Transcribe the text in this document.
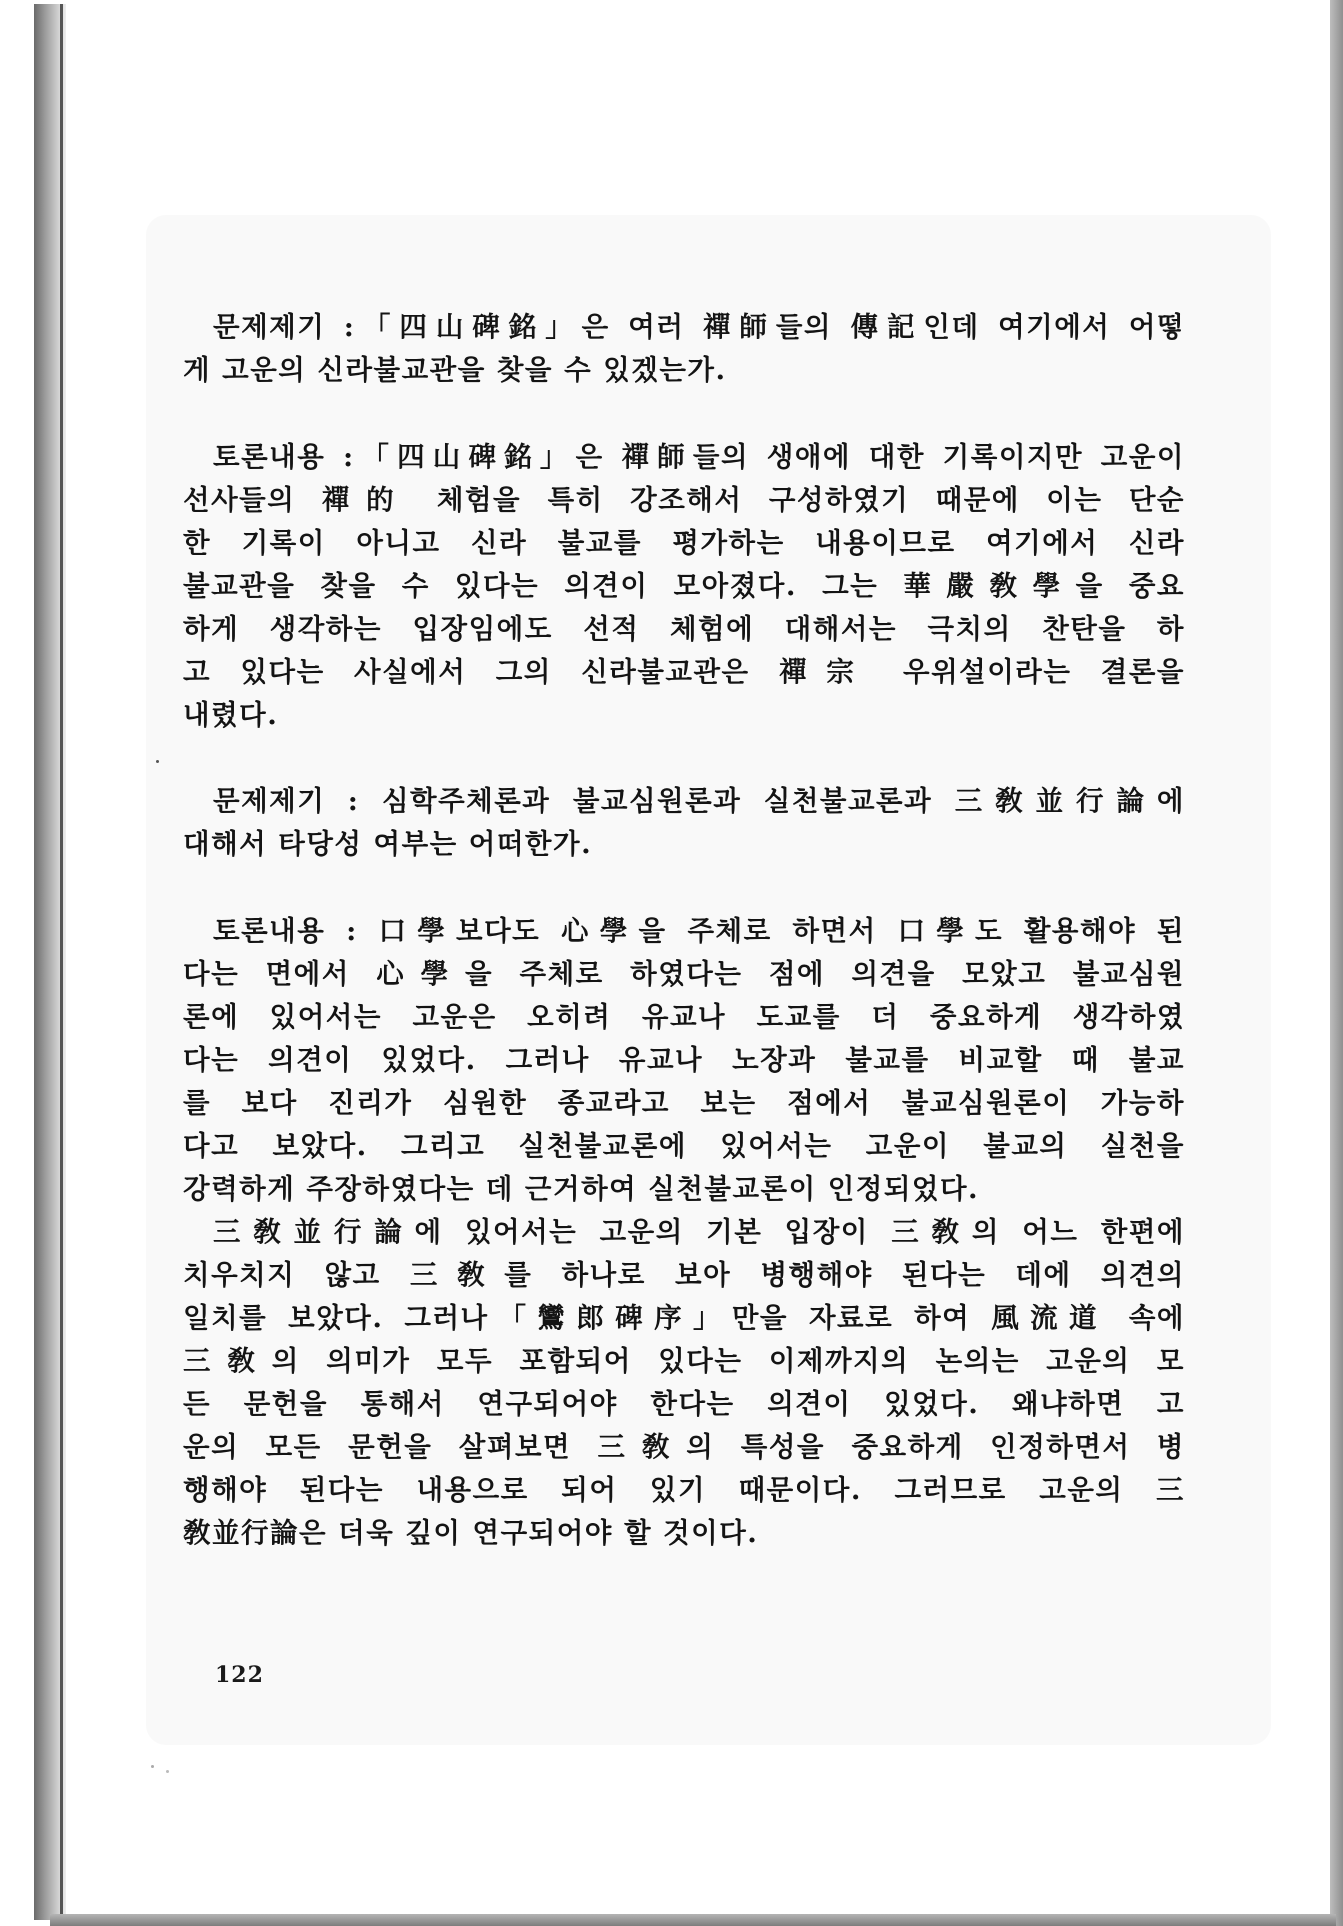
문제제기 :「四山碑銘」은 여러 禪師들의 傳記인데 여기에서 어떻
게 고운의 신라불교관을 찾을 수 있겠는가.
토론내용 :「四山碑銘」은 禪師들의 생애에 대한 기록이지만 고운이
선사들의 禪的 체험을 특히 강조해서 구성하였기 때문에 이는 단순
한 기록이 아니고 신라 불교를 평가하는 내용이므로 여기에서 신라
불교관을 찾을 수 있다는 의견이 모아졌다. 그는 華嚴敎學을 중요
하게 생각하는 입장임에도 선적 체험에 대해서는 극치의 찬탄을 하
고 있다는 사실에서 그의 신라불교관은 禪宗 우위설이라는 결론을
내렸다.
문제제기 : 심학주체론과 불교심원론과 실천불교론과 三敎並行論에
대해서 타당성 여부는 어떠한가.
토론내용 : 口學보다도 心學을 주체로 하면서 口學도 활용해야 된
다는 면에서 心學을 주체로 하였다는 점에 의견을 모았고 불교심원
론에 있어서는 고운은 오히려 유교나 도교를 더 중요하게 생각하였
다는 의견이 있었다. 그러나 유교나 노장과 불교를 비교할 때 불교
를 보다 진리가 심원한 종교라고 보는 점에서 불교심원론이 가능하
다고 보았다. 그리고 실천불교론에 있어서는 고운이 불교의 실천을
강력하게 주장하였다는 데 근거하여 실천불교론이 인정되었다.
三敎並行論에 있어서는 고운의 기본 입장이 三敎의 어느 한편에
치우치지 않고 三敎를 하나로 보아 병행해야 된다는 데에 의견의
일치를 보았다. 그러나「鸞郎碑序」만을 자료로 하여 風流道 속에
三敎의 의미가 모두 포함되어 있다는 이제까지의 논의는 고운의 모
든 문헌을 통해서 연구되어야 한다는 의견이 있었다. 왜냐하면 고
운의 모든 문헌을 살펴보면 三敎의 특성을 중요하게 인정하면서 병
행해야 된다는 내용으로 되어 있기 때문이다. 그러므로 고운의 三
敎並行論은 더욱 깊이 연구되어야 할 것이다.
122
